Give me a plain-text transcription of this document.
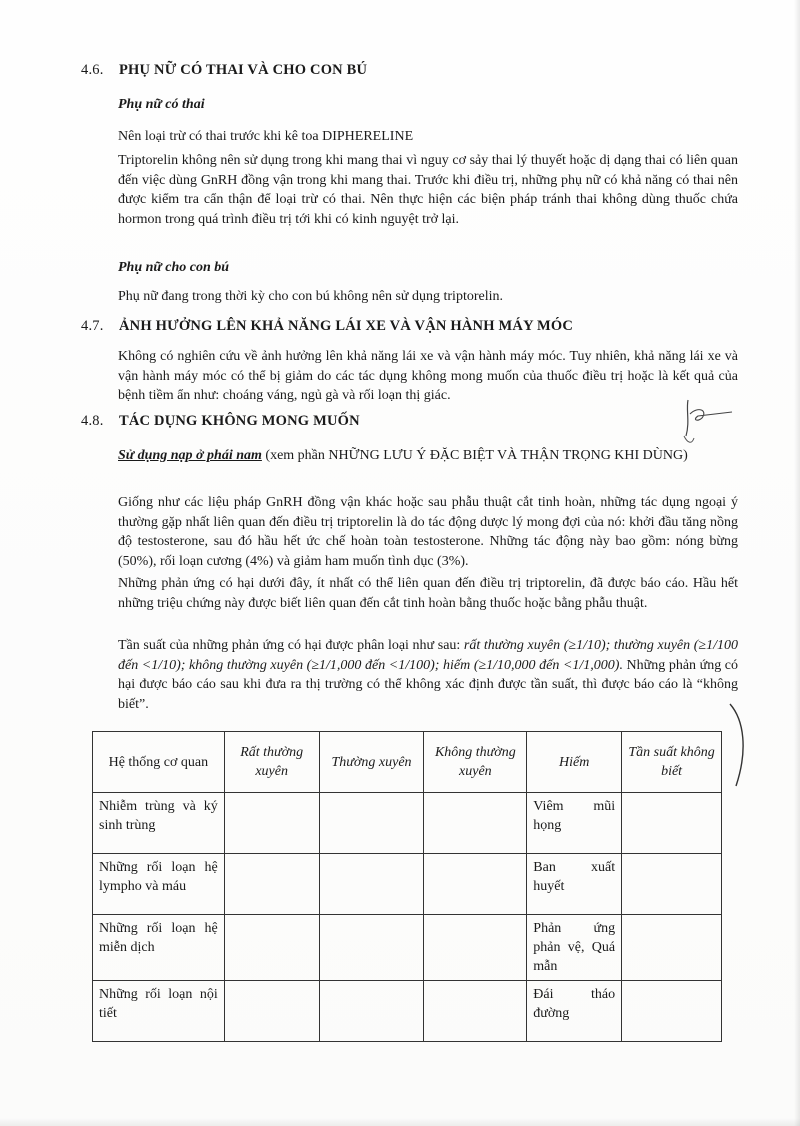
4.6. PHỤ NỮ CÓ THAI VÀ CHO CON BÚ
Phụ nữ có thai
Nên loại trừ có thai trước khi kê toa DIPHERELINE
Triptorelin không nên sử dụng trong khi mang thai vì nguy cơ sảy thai lý thuyết hoặc dị dạng thai có liên quan đến việc dùng GnRH đồng vận trong khi mang thai. Trước khi điều trị, những phụ nữ có khả năng có thai nên được kiểm tra cẩn thận để loại trừ có thai. Nên thực hiện các biện pháp tránh thai không dùng thuốc chứa hormon trong quá trình điều trị tới khi có kinh nguyệt trở lại.
Phụ nữ cho con bú
Phụ nữ đang trong thời kỳ cho con bú không nên sử dụng triptorelin.
4.7. ẢNH HƯỞNG LÊN KHẢ NĂNG LÁI XE VÀ VẬN HÀNH MÁY MÓC
Không có nghiên cứu về ảnh hưởng lên khả năng lái xe và vận hành máy móc. Tuy nhiên, khả năng lái xe và vận hành máy móc có thể bị giảm do các tác dụng không mong muốn của thuốc điều trị hoặc là kết quả của bệnh tiềm ẩn như: choáng váng, ngủ gà và rối loạn thị giác.
4.8. TÁC DỤNG KHÔNG MONG MUỐN
Sử dụng nạp ở phái nam (xem phần NHỮNG LƯU Ý ĐẶC BIỆT VÀ THẬN TRỌNG KHI DÙNG)
Giống như các liệu pháp GnRH đồng vận khác hoặc sau phẫu thuật cắt tinh hoàn, những tác dụng ngoại ý thường gặp nhất liên quan đến điều trị triptorelin là do tác động dược lý mong đợi của nó: khởi đầu tăng nồng độ testosterone, sau đó hầu hết ức chế hoàn toàn testosterone. Những tác động này bao gồm: nóng bừng (50%), rối loạn cương (4%) và giảm ham muốn tình dục (3%).
Những phản ứng có hại dưới đây, ít nhất có thể liên quan đến điều trị triptorelin, đã được báo cáo. Hầu hết những triệu chứng này được biết liên quan đến cắt tinh hoàn bằng thuốc hoặc bằng phẫu thuật.
Tần suất của những phản ứng có hại được phân loại như sau: rất thường xuyên (≥1/10); thường xuyên (≥1/100 đến <1/10); không thường xuyên (≥1/1,000 đến <1/100); hiếm (≥1/10,000 đến <1/1,000). Những phản ứng có hại được báo cáo sau khi đưa ra thị trường có thể không xác định được tần suất, thì được báo cáo là “không biết”.
Hệ thống cơ quan	Rất thường xuyên	Thường xuyên	Không thường xuyên	Hiếm	Tần suất không biết
Nhiễm trùng và ký sinh trùng				Viêm mũi họng	
Những rối loạn hệ lympho và máu				Ban xuất huyết	
Những rối loạn hệ miễn dịch				Phản ứng phản vệ, Quá mẫn	
Những rối loạn nội tiết				Đái tháo đường	
